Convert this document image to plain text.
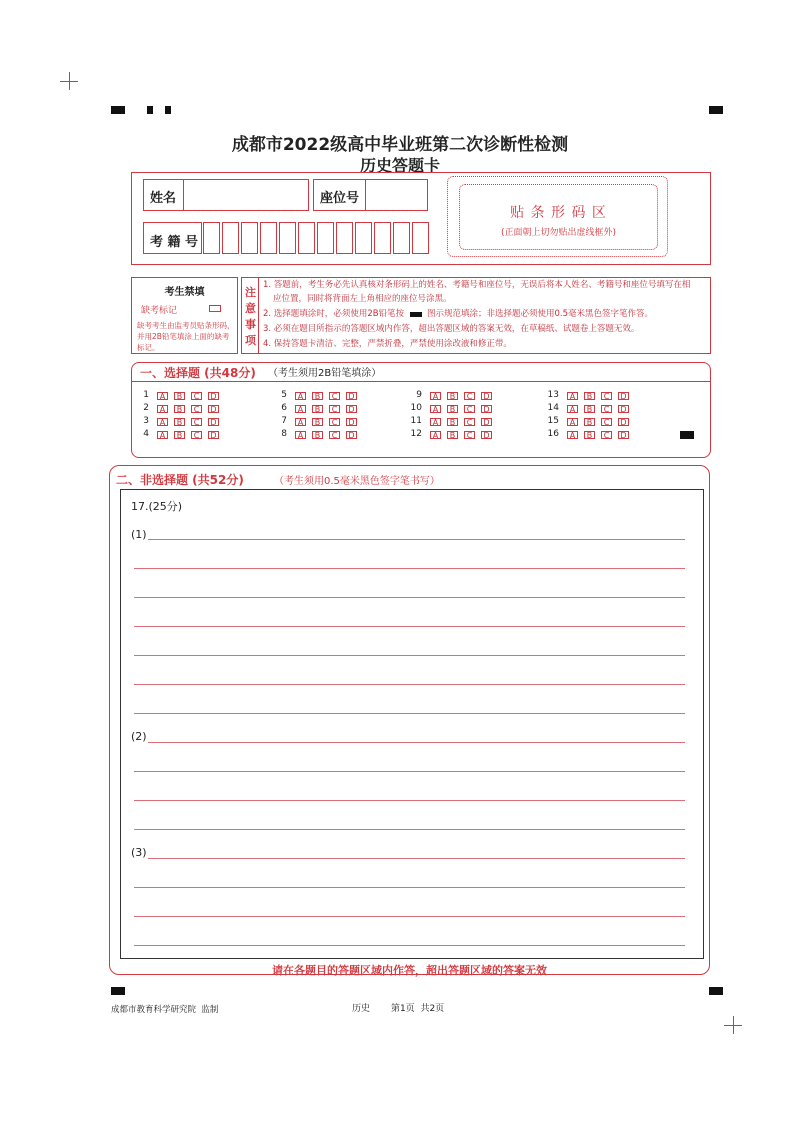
成都市2022级高中毕业班第二次诊断性检测
历史答题卡
姓名	座位号
考 籍 号
贴 条 形 码 区
(正面朝上切勿贴出虚线框外)
考生禁填
缺考标记
缺考考生由监考员贴条形码，并用2B铅笔填涂上面的缺考标记。
注
意
事
项
1. 答题前，考生务必先认真核对条形码上的姓名、考籍号和座位号，无误后将本人姓名、考籍号和座位号填写在相
应位置，同时将背面左上角相应的座位号涂黑。
2. 选择题填涂时，必须使用2B铅笔按	图示规范填涂；非选择题必须使用0.5毫米黑色签字笔作答。
3. 必须在题目所指示的答题区域内作答，超出答题区域的答案无效，在草稿纸、试题卷上答题无效。
4. 保持答题卡清洁、完整，严禁折叠，严禁使用涂改液和修正带。
一、选择题 (共48分) （考生须用2B铅笔填涂）
1	A	B	C	D
2	A	B	C	D
3	A	B	C	D
4	A	B	C	D
5	A	B	C	D
6	A	B	C	D
7	A	B	C	D
8	A	B	C	D
9	A	B	C	D
10	A	B	C	D
11	A	B	C	D
12	A	B	C	D
13	A	B	C	D
14	A	B	C	D
15	A	B	C	D
16	A	B	C	D
二、非选择题 (共52分)	（考生须用0.5毫米黑色签字笔书写）
17.(25分)
(1)
(2)
(3)
请在各题目的答题区域内作答，超出答题区域的答案无效
成都市教育科学研究院  监制	历史 第1页  共2页
